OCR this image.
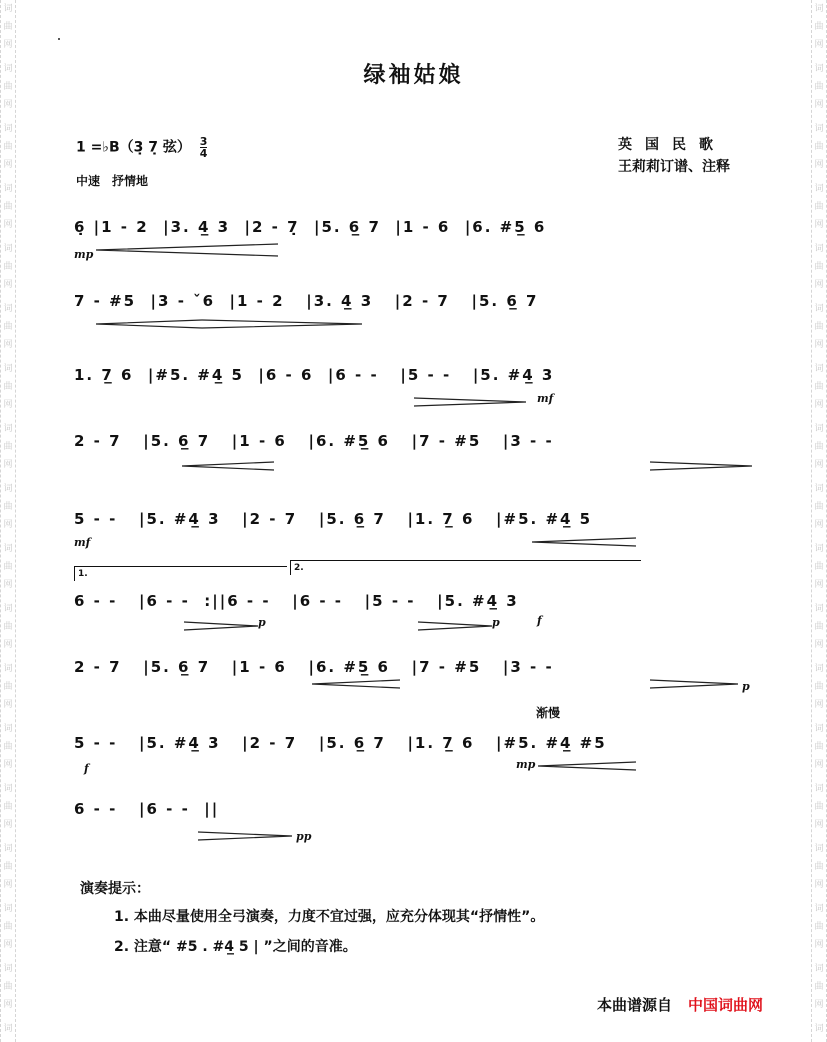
词
曲
网
词
曲
网
词
曲
网
词
曲
网
词
曲
网
词
曲
网
词
曲
网
词
曲
网
词
曲
网
词
曲
网
词
曲
网
词
曲
网
词
曲
网
词
曲
网
词
曲
网
词
曲
网
词
曲
网
词
词
曲
网
词
曲
网
词
曲
网
词
曲
网
词
曲
网
词
曲
网
词
曲
网
词
曲
网
词
曲
网
词
曲
网
词
曲
网
词
曲
网
词
曲
网
词
曲
网
词
曲
网
词
曲
网
词
曲
网
词
绿袖姑娘
1 =♭B（3̣ 7̣ 弦） $\frac{3}{4}$	英国民歌
王莉莉订谱、注释
中速　抒情地
渐慢
6̣ |1 - 2  |3. 4̲ 3  |2 - 7̣  |5. 6̲ 7  |1 - 6  |6. #5̲ 6
7 - #5  |3 - ˇ6  |1 - 2   |3. 4̲ 3   |2 - 7   |5. 6̲ 7
1. 7̲ 6  |#5. #4̲ 5  |6 - 6  |6 - -   |5 - -   |5. #4̲ 3
2 - 7   |5. 6̲ 7   |1 - 6   |6. #5̲ 6   |7 - #5   |3 - -
5 - -   |5. #4̲ 3   |2 - 7   |5. 6̲ 7   |1. 7̲ 6   |#5. #4̲ 5
6 - -   |6 - -  :||6 - -   |6 - -   |5 - -   |5. #4̲ 3
2 - 7   |5. 6̲ 7   |1 - 6   |6. #5̲ 6   |7 - #5   |3 - -
5 - -   |5. #4̲ 3   |2 - 7   |5. 6̲ 7   |1. 7̲ 6   |#5. #4̲ #5
6 - -   |6 - -  ||
1.
2.
mp
mf
mf
p	p	f
p
f	mp
pp
演奏提示：
1. 本曲尽量使用全弓演奏，力度不宜过强，应充分体现其“抒情性”。
2. 注意“ #5 . #4̲ 5 | ”之间的音准。
本曲谱源自 中国词曲网
